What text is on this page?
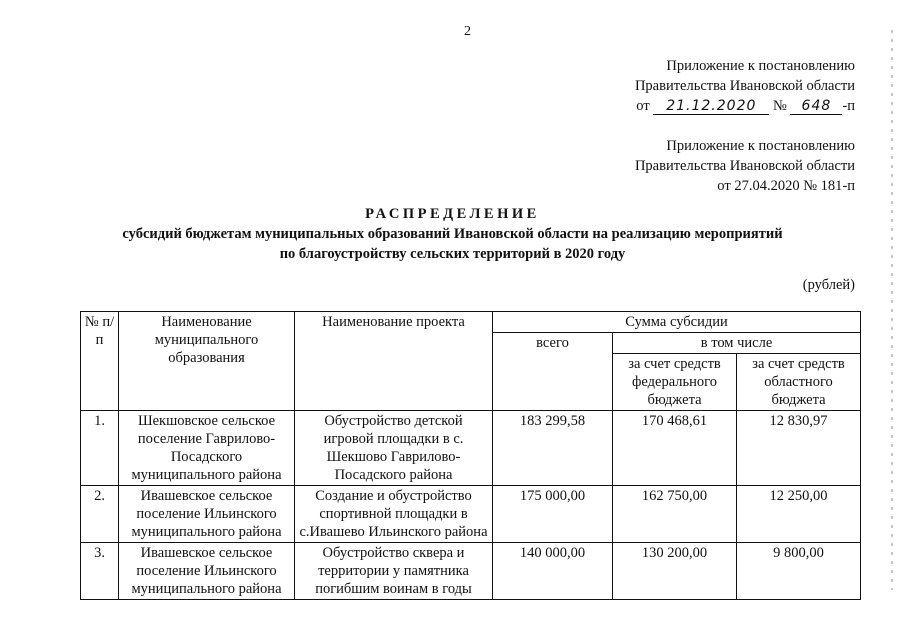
2
Приложение к постановлению
Правительства Ивановской области
от 21.12.2020 № 648 -п
Приложение к постановлению
Правительства Ивановской области
от 27.04.2020 № 181-п
РАСПРЕДЕЛЕНИЕ
субсидий бюджетам муниципальных образований Ивановской области на реализацию мероприятий
по благоустройству сельских территорий в 2020 году
(рублей)
№ п/п	Наименование муниципального образования	Наименование проекта	Сумма субсидии		
			всего	в том числе	
				за счет средств федерального бюджета	за счет средств областного бюджета
1.	Шекшовское сельское поселение Гаврилово-Посадского муниципального района	Обустройство детской игровой площадки в с. Шекшово Гаврилово-Посадского района	183 299,58	170 468,61	12 830,97
2.	Ивашевское сельское поселение Ильинского муниципального района	Создание и обустройство спортивной площадки в с.Ивашево Ильинского района	175 000,00	162 750,00	12 250,00
3.	Ивашевское сельское поселение Ильинского муниципального района	Обустройство сквера и территории у памятника погибшим воинам в годы	140 000,00	130 200,00	9 800,00
